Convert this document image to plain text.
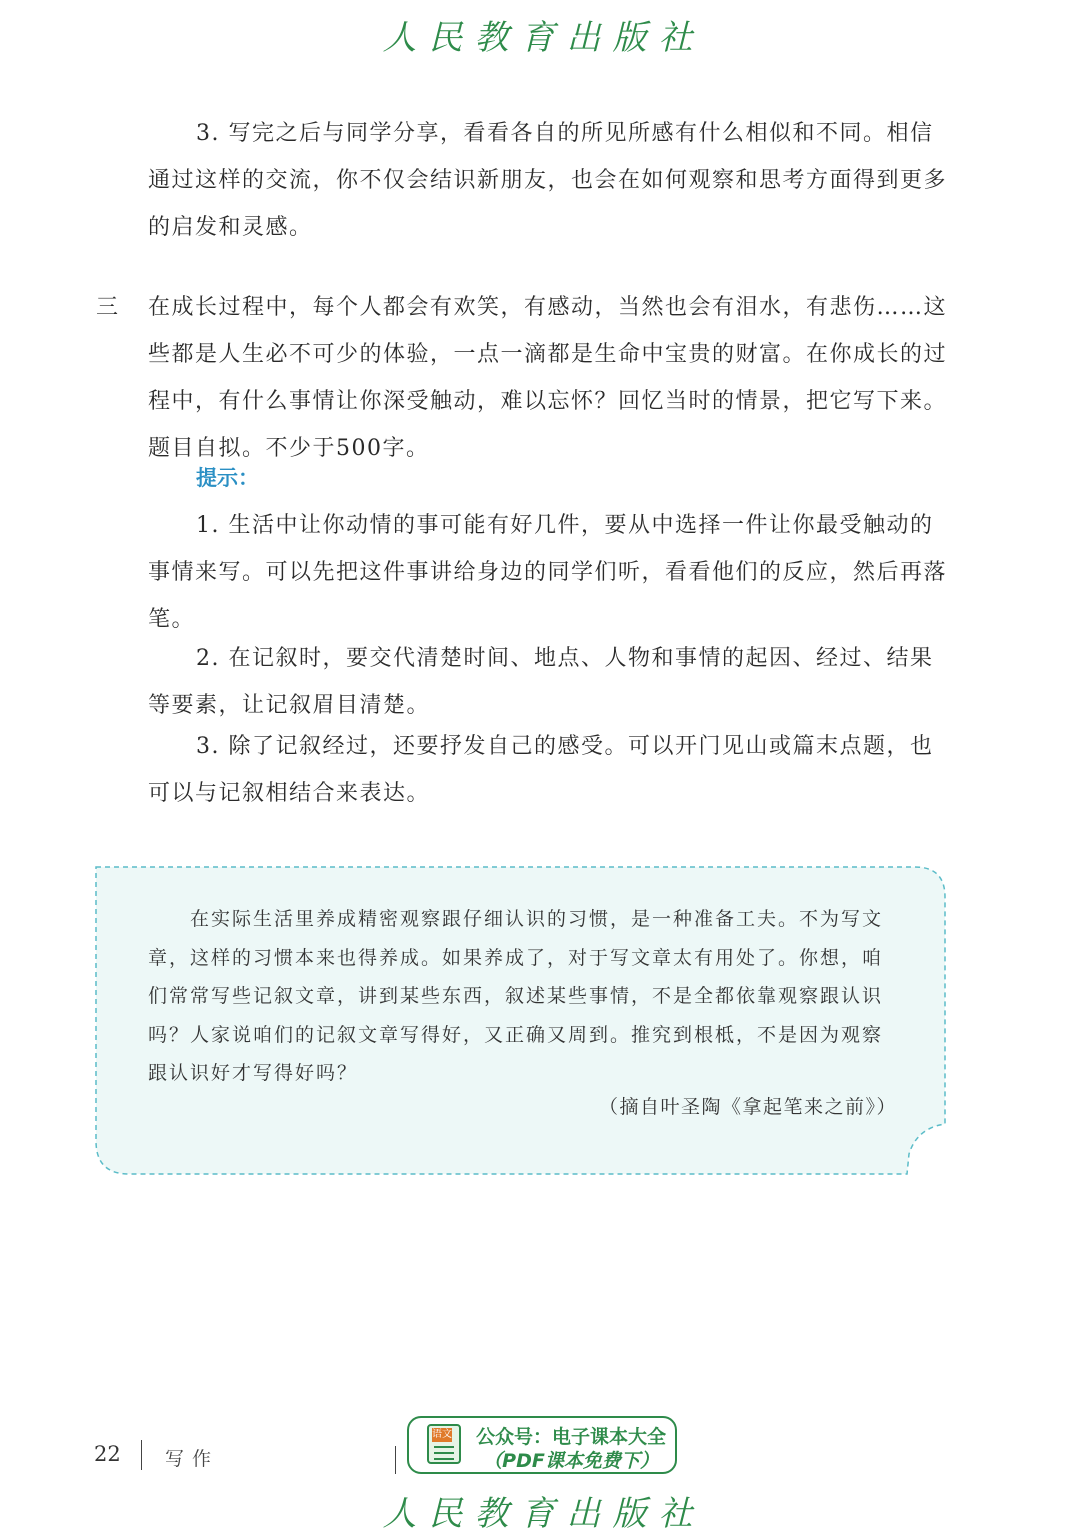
人民教育出版社

3. 写完之后与同学分享，看看各自的所见所感有什么相似和不同。相信通过这样的交流，你不仅会结识新朋友，也会在如何观察和思考方面得到更多的启发和灵感。

三 在成长过程中，每个人都会有欢笑，有感动，当然也会有泪水，有悲伤……这些都是人生必不可少的体验，一点一滴都是生命中宝贵的财富。在你成长的过程中，有什么事情让你深受触动，难以忘怀？回忆当时的情景，把它写下来。题目自拟。不少于500字。

提示：

1. 生活中让你动情的事可能有好几件，要从中选择一件让你最受触动的事情来写。可以先把这件事讲给身边的同学们听，看看他们的反应，然后再落笔。

2. 在记叙时，要交代清楚时间、地点、人物和事情的起因、经过、结果等要素，让记叙眉目清楚。

3. 除了记叙经过，还要抒发自己的感受。可以开门见山或篇末点题，也可以与记叙相结合来表达。

在实际生活里养成精密观察跟仔细认识的习惯，是一种准备工夫。不为写文章，这样的习惯本来也得养成。如果养成了，对于写文章太有用处了。你想，咱们常常写些记叙文章，讲到某些东西，叙述某些事情，不是全都依靠观察跟认识吗？人家说咱们的记叙文章写得好，又正确又周到。推究到根柢，不是因为观察跟认识好才写得好吗？

（摘自叶圣陶《拿起笔来之前》）
22 写作
语文 公众号：电子课本大全
（PDF课本免费下）
人民教育出版社
